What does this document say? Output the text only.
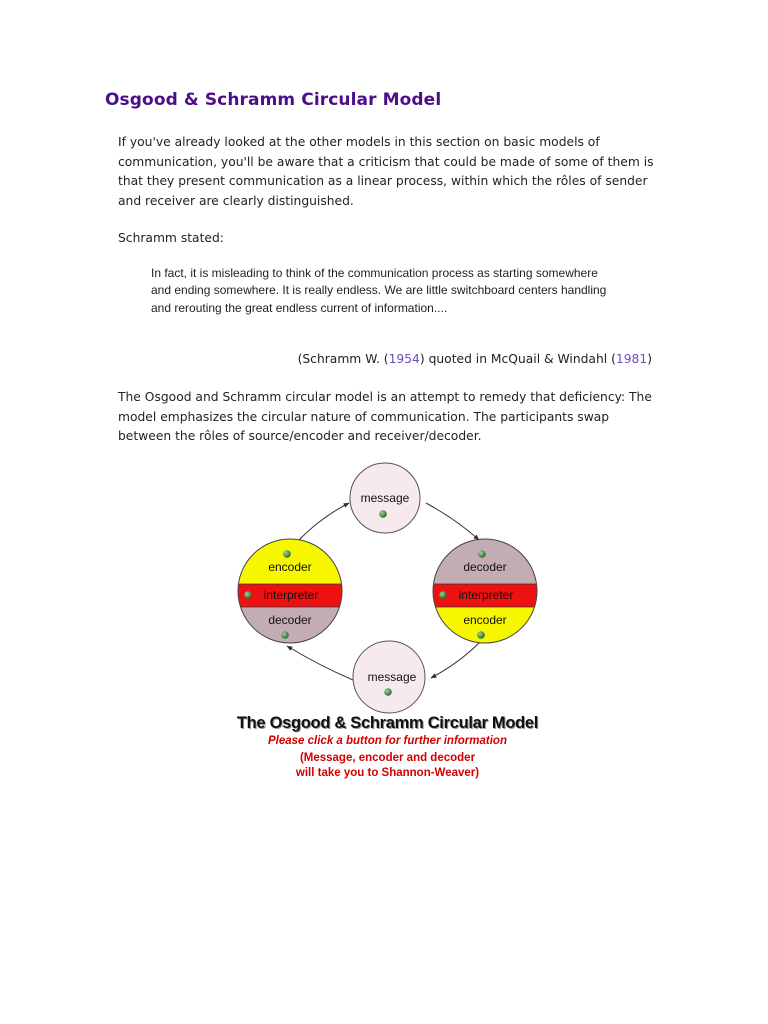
Osgood & Schramm Circular Model

If you've already looked at the other models in this section on basic models of communication, you'll be aware that a criticism that could be made of some of them is that they present communication as a linear process, within which the rôles of sender and receiver are clearly distinguished.

Schramm stated:

In fact, it is misleading to think of the communication process as starting somewhere and ending somewhere. It is really endless. We are little switchboard centers handling and rerouting the great endless current of information....

(Schramm W. (1954) quoted in McQuail & Windahl (1981)

The Osgood and Schramm circular model is an attempt to remedy that deficiency: The model emphasizes the circular nature of communication. The participants swap between the rôles of source/encoder and receiver/decoder.

message
encoder
interpreter
decoder
decoder
interpreter
encoder
message

The Osgood & Schramm Circular Model

Please click a button for further information

(Message, encoder and decoder
will take you to Shannon-Weaver)
